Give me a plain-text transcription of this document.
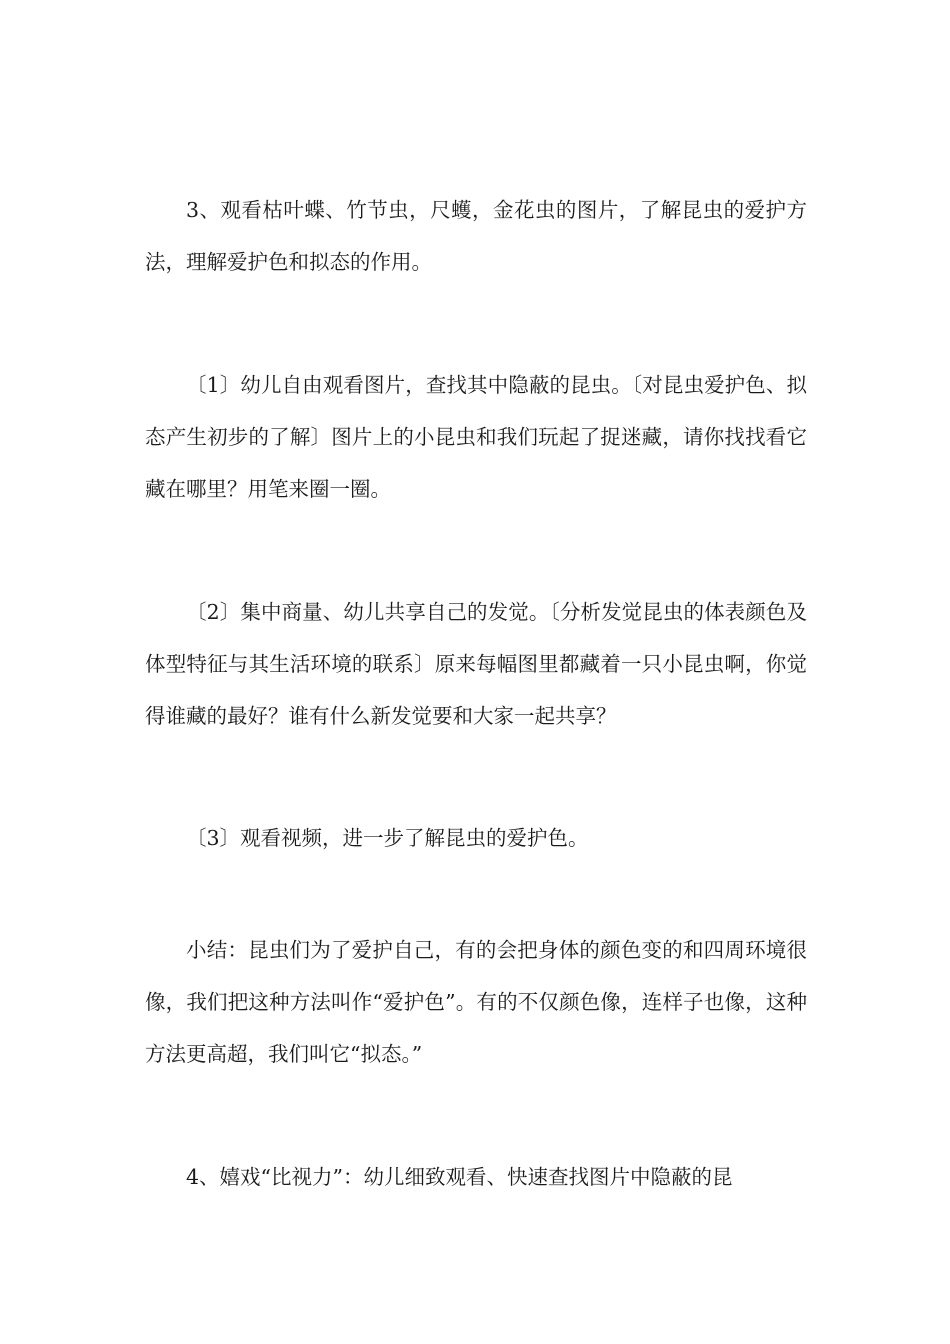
3、观看枯叶蝶、竹节虫，尺蠖，金花虫的图片，了解昆虫的爱护方法，理解爱护色和拟态的作用。

〔1〕幼儿自由观看图片，查找其中隐蔽的昆虫。〔对昆虫爱护色、拟态产生初步的了解〕图片上的小昆虫和我们玩起了捉迷藏，请你找找看它藏在哪里？用笔来圈一圈。

〔2〕集中商量、幼儿共享自己的发觉。〔分析发觉昆虫的体表颜色及体型特征与其生活环境的联系〕原来每幅图里都藏着一只小昆虫啊，你觉得谁藏的最好？谁有什么新发觉要和大家一起共享？

〔3〕观看视频，进一步了解昆虫的爱护色。

小结：昆虫们为了爱护自己，有的会把身体的颜色变的和四周环境很像，我们把这种方法叫作“爱护色”。有的不仅颜色像，连样子也像，这种方法更高超，我们叫它“拟态。”

4、嬉戏“比视力”：幼儿细致观看、快速查找图片中隐蔽的昆
